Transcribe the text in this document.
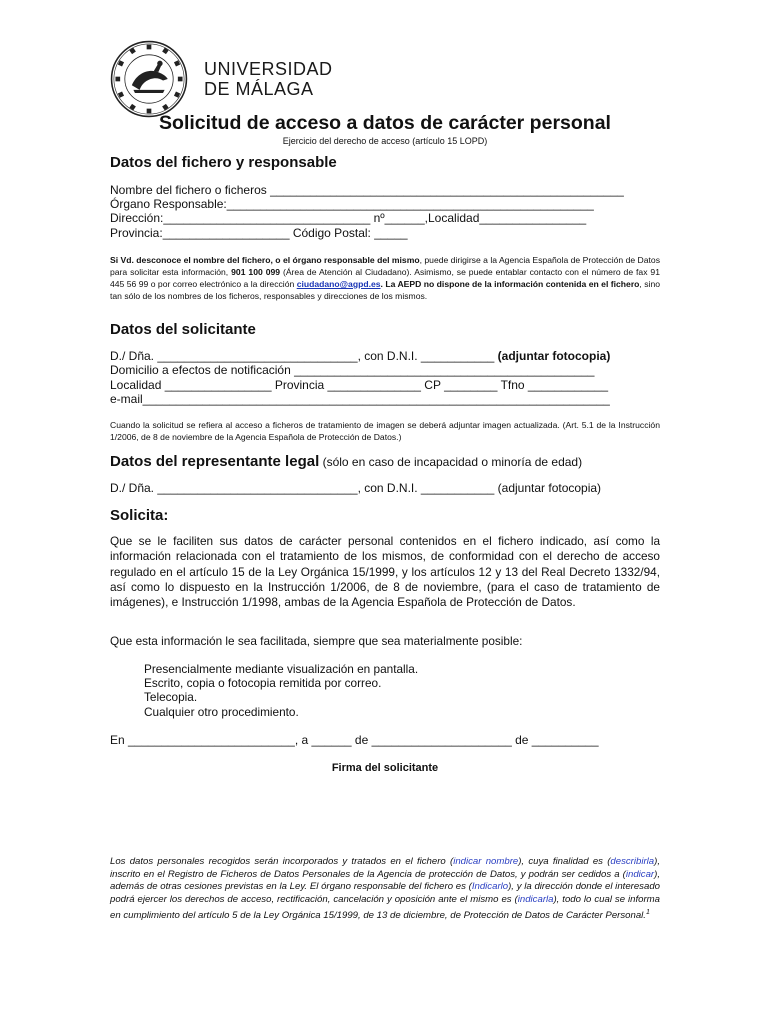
UNIVERSIDAD
DE MÁLAGA
Solicitud de acceso a datos de carácter personal
Ejercicio del derecho de acceso (artículo 15 LOPD)
Datos del fichero y responsable
Nombre del fichero o ficheros _____________________________________________________
Órgano Responsable:_______________________________________________________
Dirección:_______________________________ nº______,Localidad________________
Provincia:___________________ Código Postal: _____
Si Vd. desconoce el nombre del fichero, o el órgano responsable del mismo, puede dirigirse a la Agencia Española de Protección de Datos para solicitar esta información, 901 100 099 (Área de Atención al Ciudadano). Asimismo, se puede entablar contacto con el número de fax 91 445 56 99 o por correo electrónico a la dirección ciudadano@agpd.es. La AEPD no dispone de la información contenida en el fichero, sino tan sólo de los nombres de los ficheros, responsables y direcciones de los mismos.
Datos del solicitante
D./ Dña. ______________________________, con D.N.I. ___________ (adjuntar fotocopia)
Domicilio a efectos de notificación _____________________________________________
Localidad ________________ Provincia ______________ CP ________ Tfno ____________
e-mail______________________________________________________________________
Cuando la solicitud se refiera al acceso a ficheros de tratamiento de imagen se deberá adjuntar imagen actualizada. (Art. 5.1 de la Instrucción 1/2006, de 8 de noviembre de la Agencia Española de Protección de Datos.)
Datos del representante legal (sólo en caso de incapacidad o minoría de edad)
D./ Dña. ______________________________, con D.N.I. ___________ (adjuntar fotocopia)
Solicita:
Que se le faciliten sus datos de carácter personal contenidos en el fichero indicado, así como la información relacionada con el tratamiento de los mismos, de conformidad con el derecho de acceso regulado en el artículo 15 de la Ley Orgánica 15/1999, y los artículos 12 y 13 del Real Decreto 1332/94, así como lo dispuesto en la Instrucción 1/2006, de 8 de noviembre, (para el caso de tratamiento de imágenes), e Instrucción 1/1998, ambas de la Agencia Española de Protección de Datos.
Que esta información le sea facilitada, siempre que sea materialmente posible:
Presencialmente mediante visualización en pantalla.
Escrito, copia o fotocopia remitida por correo.
Telecopia.
Cualquier otro procedimiento.
En _________________________, a ______ de _____________________ de __________
Firma del solicitante
Los datos personales recogidos serán incorporados y tratados en el fichero (indicar nombre), cuya finalidad es (describirla), inscrito en el Registro de Ficheros de Datos Personales de la Agencia de protección de Datos, y podrán ser cedidos a (indicar), además de otras cesiones previstas en la Ley. El órgano responsable del fichero es (Indicarlo), y la dirección donde el interesado podrá ejercer los derechos de acceso, rectificación, cancelación y oposición ante el mismo es (indicarla), todo lo cual se informa en cumplimiento del artículo 5 de la Ley Orgánica 15/1999, de 13 de diciembre, de Protección de Datos de Carácter Personal.$^1$
